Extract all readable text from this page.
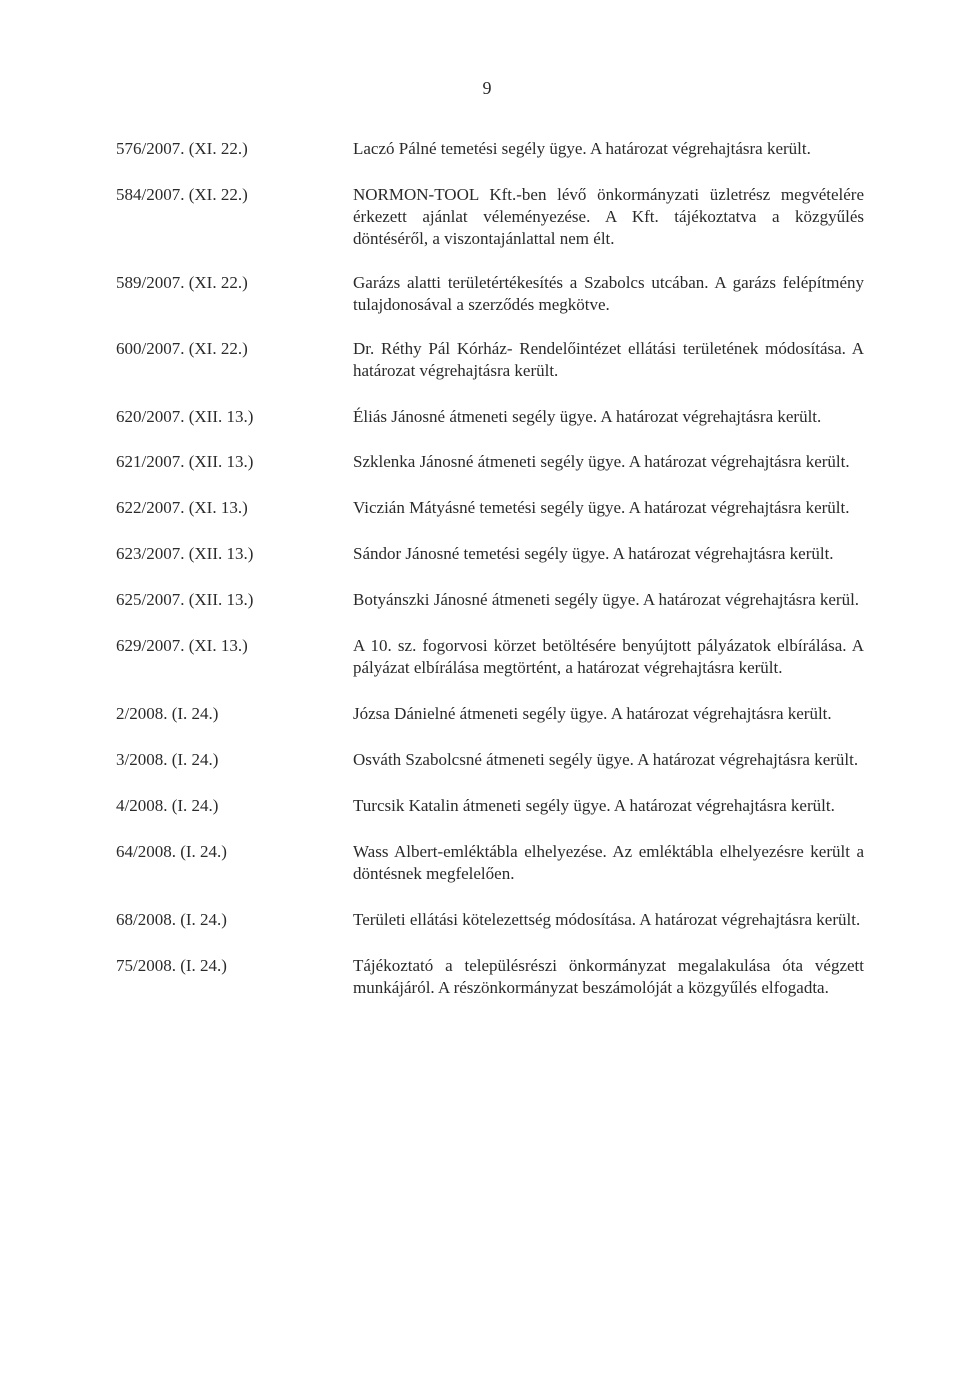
9
576/2007. (XI. 22.)	Laczó Pálné temetési segély ügye. A határozat végrehajtásra került.
584/2007. (XI. 22.)	NORMON-TOOL Kft.-ben lévő önkormányzati üzletrész megvételére érkezett ajánlat véleményezése. A Kft. tájékoztatva a közgyűlés döntéséről, a viszontajánlattal nem élt.
589/2007. (XI. 22.)	Garázs alatti területértékesítés a Szabolcs utcában. A garázs felépítmény tulajdonosával a szerződés megkötve.
600/2007. (XI. 22.)	Dr. Réthy Pál Kórház- Rendelőintézet ellátási területének módosítása. A határozat végrehajtásra került.
620/2007. (XII. 13.)	Éliás Jánosné átmeneti segély ügye. A határozat végrehajtásra került.
621/2007. (XII. 13.)	Szklenka Jánosné átmeneti segély ügye. A határozat végrehajtásra került.
622/2007. (XI. 13.)	Viczián Mátyásné temetési segély ügye. A határozat végrehajtásra került.
623/2007. (XII. 13.)	Sándor Jánosné temetési segély ügye. A határozat végrehajtásra került.
625/2007. (XII. 13.)	Botyánszki Jánosné átmeneti segély ügye. A határozat végrehajtásra kerül.
629/2007. (XI. 13.)	A 10. sz. fogorvosi körzet betöltésére benyújtott pályázatok elbírálása. A pályázat elbírálása megtörtént, a határozat végrehajtásra került.
2/2008. (I. 24.)	Józsa Dánielné átmeneti segély ügye. A határozat végrehajtásra került.
3/2008. (I. 24.)	Osváth Szabolcsné átmeneti segély ügye. A határozat végrehajtásra került.
4/2008. (I. 24.)	Turcsik Katalin átmeneti segély ügye. A határozat végrehajtásra került.
64/2008. (I. 24.)	Wass Albert-emléktábla elhelyezése. Az emléktábla elhelyezésre került a döntésnek megfelelően.
68/2008. (I. 24.)	Területi ellátási kötelezettség módosítása. A határozat végrehajtásra került.
75/2008. (I. 24.)	Tájékoztató a településrészi önkormányzat megalakulása óta végzett munkájáról. A részönkormányzat beszámolóját a közgyűlés elfogadta.
